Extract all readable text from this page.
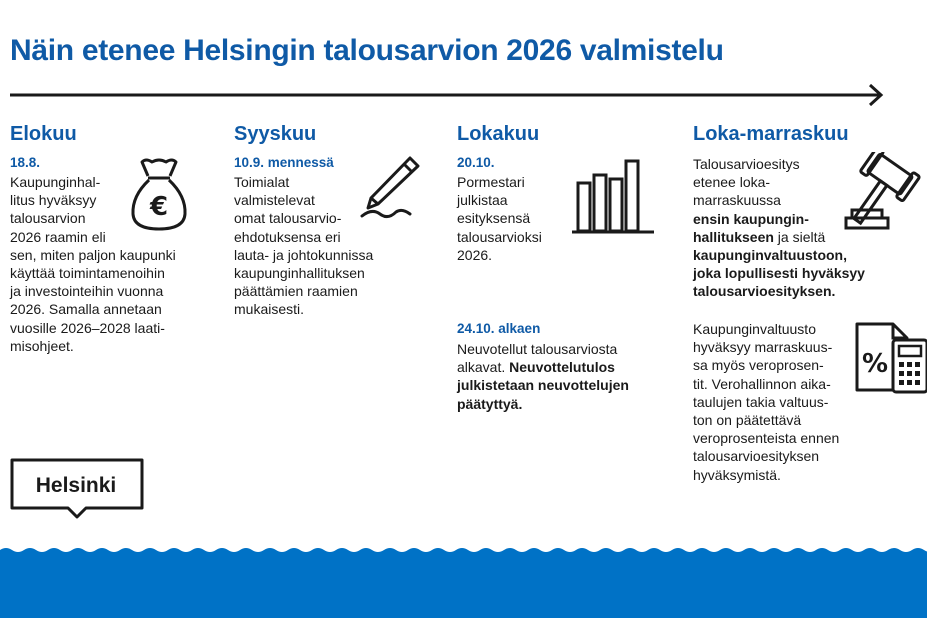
Näin etenee Helsingin talousarvion 2026 valmistelu
Elokuu
18.8.

Kaupunginhal-
litus hyväksyy
talousarvion
2026 raamin eli
sen, miten paljon kaupunki
käyttää toimintamenoihin
ja investointeihin vuonna
2026. Samalla annetaan
vuosille 2026–2028 laati-
misohjeet.

€
Syyskuu
10.9. mennessä

Toimialat
valmistelevat
omat talousarvio-
ehdotuksensa eri
lauta- ja johtokunnissa
kaupunginhallituksen
päättämien raamien
mukaisesti.

Lokakuu
20.10.

Pormestari
julkistaa
esityksensä
talousarvioksi
2026.

24.10. alkaen

Neuvotellut talousarviosta
alkavat. Neuvottelutulos
julkistetaan neuvottelujen
päätyttyä.

Loka-marraskuu

Talousarvioesitys
etenee loka-
marraskuussa
ensin kaupungin-
hallitukseen ja sieltä
kaupunginvaltuustoon,
joka lopullisesti hyväksyy
talousarvioesityksen.

Kaupunginvaltuusto
hyväksyy marraskuus-
sa myös veroprosen-
tit. Verohallinnon aika-
taulujen takia valtuus-
ton on päätettävä
veroprosenteista ennen
talousarvioesityksen
hyväksymistä.

%
Helsinki
